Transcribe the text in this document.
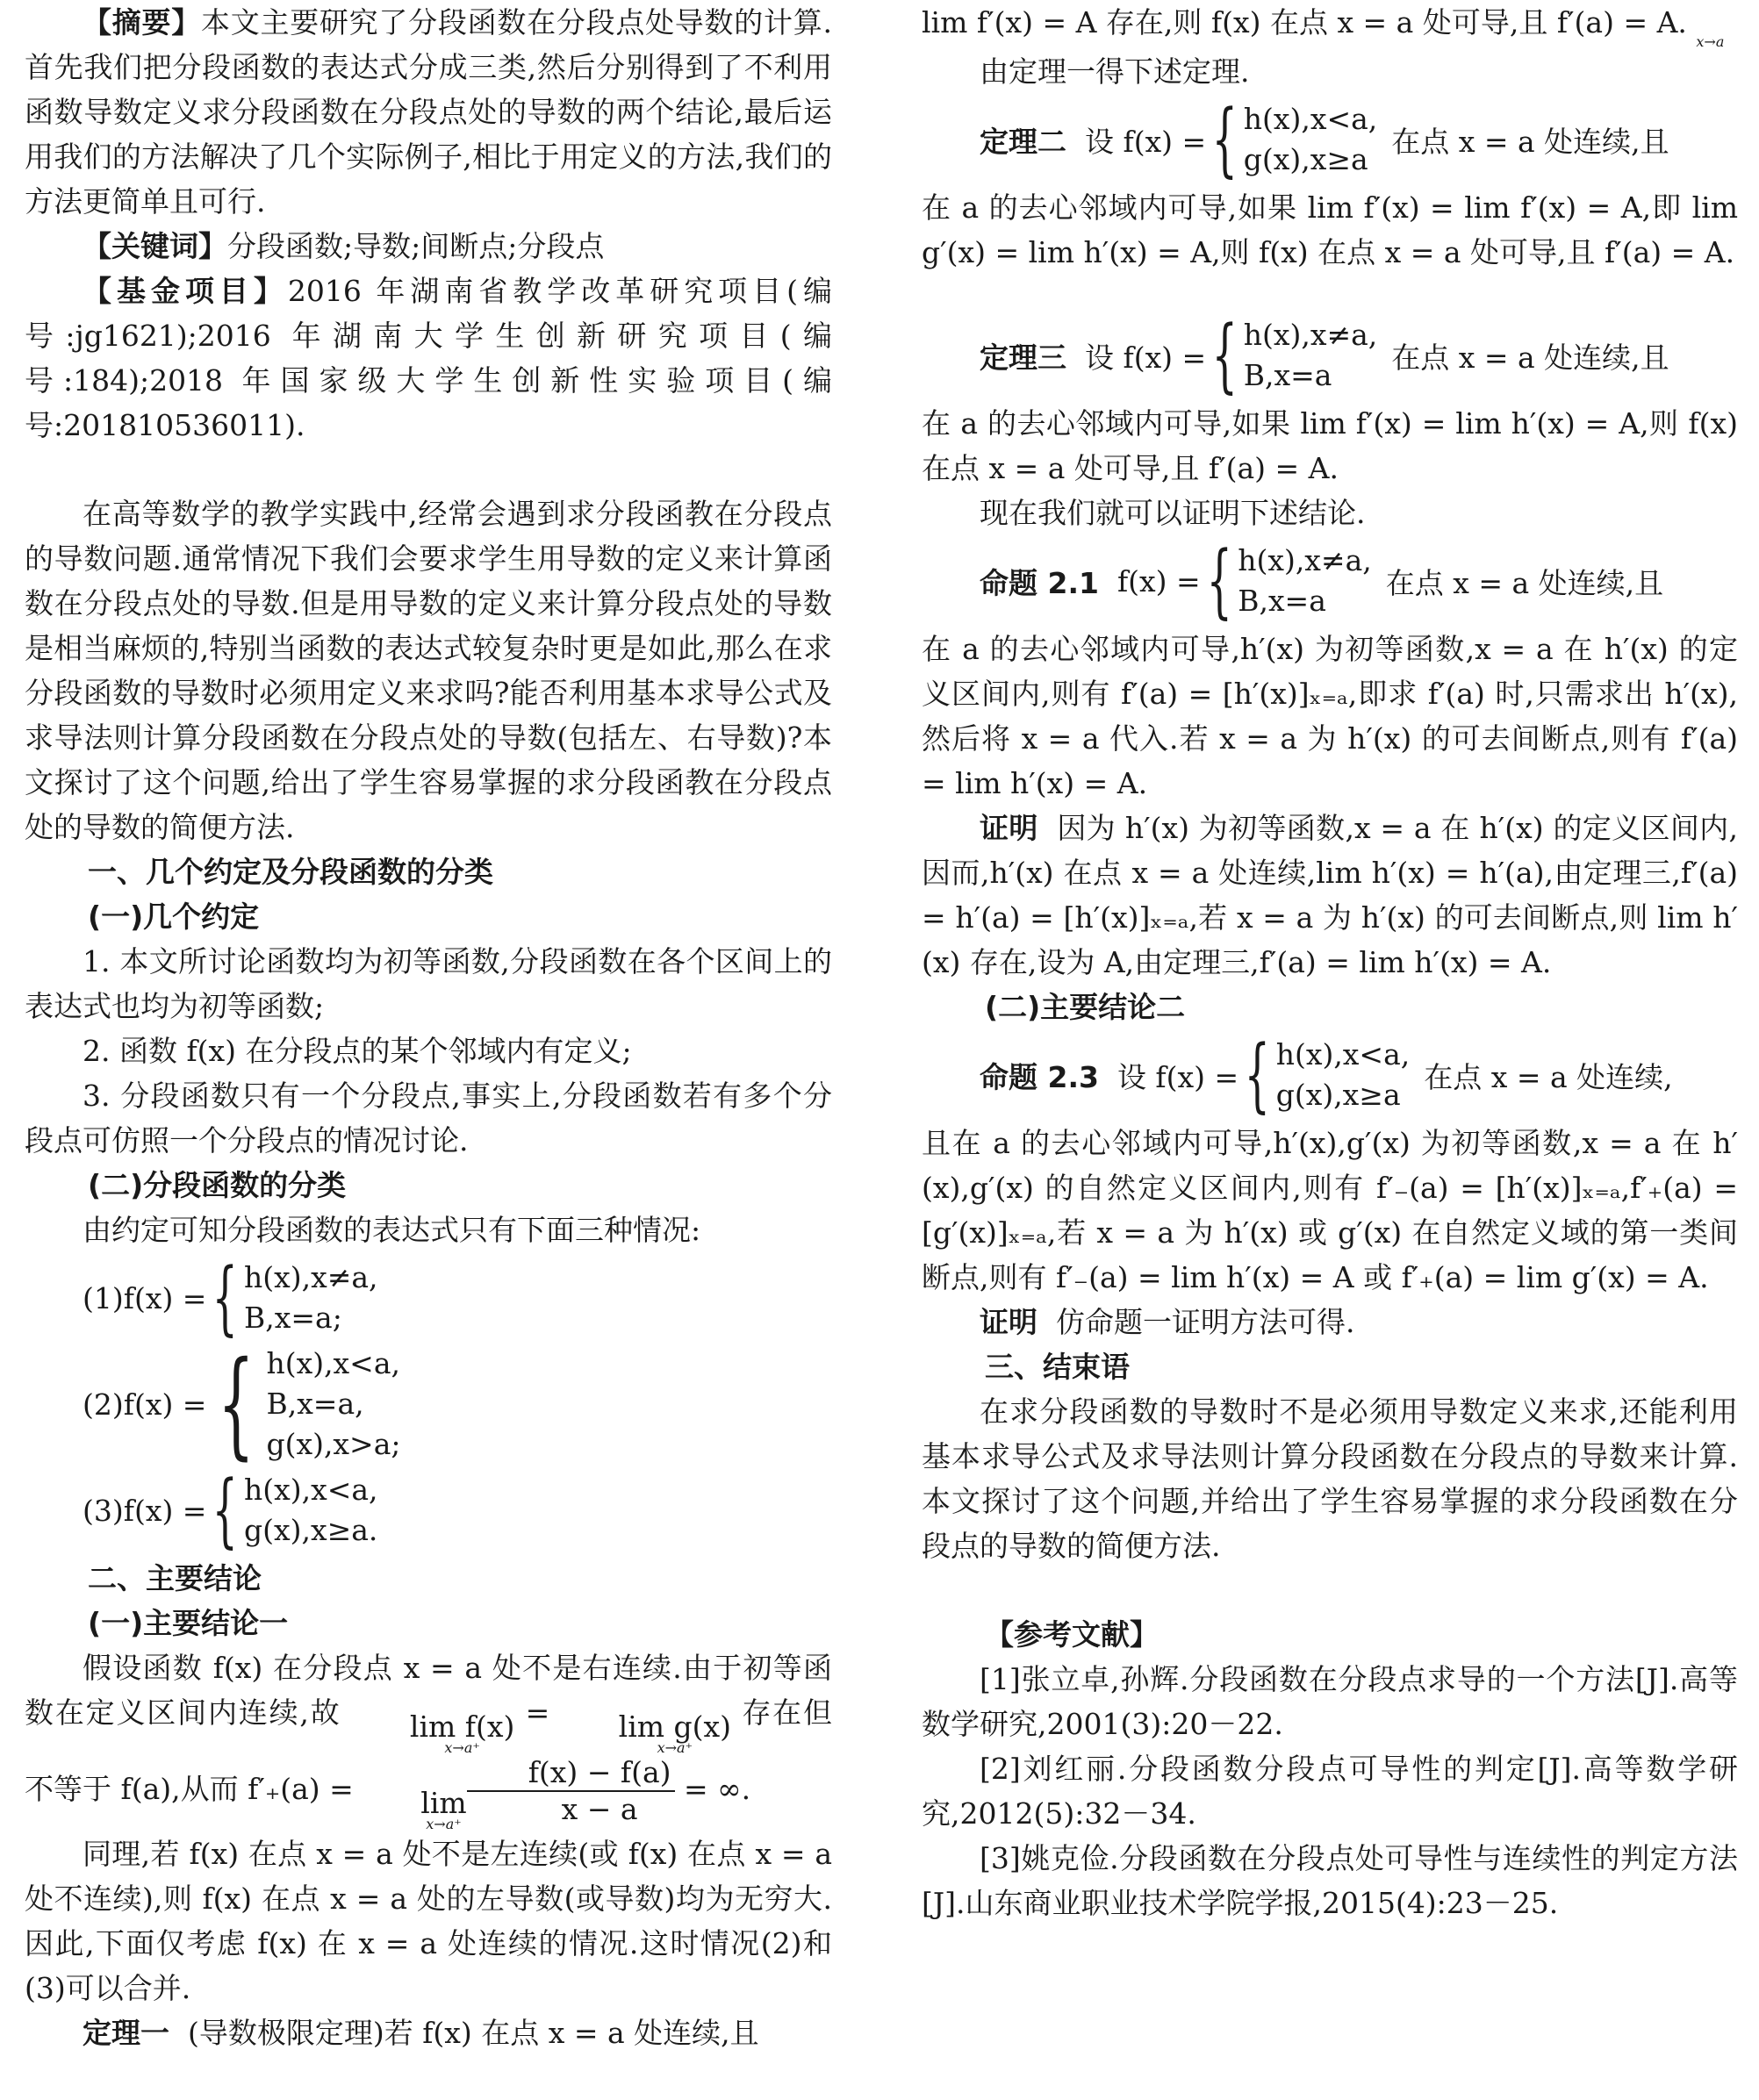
【摘要】本文主要研究了分段函数在分段点处导数的计算.首先我们把分段函数的表达式分成三类,然后分别得到了不利用函数导数定义求分段函数在分段点处的导数的两个结论,最后运用我们的方法解决了几个实际例子,相比于用定义的方法,我们的方法更简单且可行.

【关键词】分段函数;导数;间断点;分段点

【基金项目】2016 年湖南省教学改革研究项目(编号:jg1621);2016 年湖南大学生创新研究项目(编号:184);2018 年国家级大学生创新性实验项目(编号:201810536011).

在高等数学的教学实践中,经常会遇到求分段函教在分段点的导数问题.通常情况下我们会要求学生用导数的定义来计算函数在分段点处的导数.但是用导数的定义来计算分段点处的导数是相当麻烦的,特别当函数的表达式较复杂时更是如此,那么在求分段函数的导数时必须用定义来求吗?能否利用基本求导公式及求导法则计算分段函数在分段点处的导数(包括左、右导数)?本文探讨了这个问题,给出了学生容易掌握的求分段函教在分段点处的导数的简便方法.

一、几个约定及分段函数的分类

(一)几个约定

1. 本文所讨论函数均为初等函数,分段函数在各个区间上的表达式也均为初等函数;

2. 函数 f(x) 在分段点的某个邻域内有定义;

3. 分段函数只有一个分段点,事实上,分段函数若有多个分段点可仿照一个分段点的情况讨论.

(二)分段函数的分类

由约定可知分段函数的表达式只有下面三种情况:

(1)f(x) = { h(x),x≠a,
B,x=a;
(2)f(x) = { h(x),x<a,
B,x=a,
g(x),x>a;
(3)f(x) = { h(x),x<a,
g(x),x≥a.

二、主要结论

(一)主要结论一

假设函数 f(x) 在分段点 x = a 处不是右连续.由于初等函数在定义区间内连续,故	lim f(x)
x→a⁺
=	lim g(x)
x→a⁺
存在但不等于 f(a),从而 f′₊(a) =	lim
$x\to a^+ \frac{f(x) - f(a)}{x - a}$ = ∞.

同理,若 f(x) 在点 x = a 处不是左连续(或 f(x) 在点 x = a 处不连续),则 f(x) 在点 x = a 处的左导数(或导数)均为无穷大.因此,下面仅考虑 f(x) 在 x = a 处连续的情况.这时情况(2)和(3)可以合并.

定理一 (导数极限定理)若 f(x) 在点 x = a 处连续,且

lim f′(x) = A 存在,则 f(x) 在点 x = a 处可导,且 f′(a) = A.
x→a

由定理一得下述定理.

定理二
设 f(x) = { h(x),x<a,
g(x),x≥a
在点 x = a 处连续,且

在 a 的去心邻域内可导,如果 lim f′(x) = lim f′(x) = A,即 lim g′(x) = lim h′(x) = A,则 f(x) 在点 x = a 处可导,且 f′(a) = A.

定理三
设 f(x) = { h(x),x≠a,
B,x=a
在点 x = a 处连续,且

在 a 的去心邻域内可导,如果 lim f′(x) = lim h′(x) = A,则 f(x) 在点 x = a 处可导,且 f′(a) = A.

现在我们就可以证明下述结论.

命题 2.1
f(x) = { h(x),x≠a,
B,x=a
在点 x = a 处连续,且

在 a 的去心邻域内可导,h′(x) 为初等函数,x = a 在 h′(x) 的定义区间内,则有 f′(a) = [h′(x)]ₓ₌ₐ,即求 f′(a) 时,只需求出 h′(x),然后将 x = a 代入.若 x = a 为 h′(x) 的可去间断点,则有 f′(a) = lim h′(x) = A.

证明 因为 h′(x) 为初等函数,x = a 在 h′(x) 的定义区间内,因而,h′(x) 在点 x = a 处连续,lim h′(x) = h′(a),由定理三,f′(a) = h′(a) = [h′(x)]ₓ₌ₐ,若 x = a 为 h′(x) 的可去间断点,则 lim h′(x) 存在,设为 A,由定理三,f′(a) = lim h′(x) = A.

(二)主要结论二

命题 2.3
设 f(x) = { h(x),x<a,
g(x),x≥a
在点 x = a 处连续,

且在 a 的去心邻域内可导,h′(x),g′(x) 为初等函数,x = a 在 h′(x),g′(x) 的自然定义区间内,则有 f′₋(a) = [h′(x)]ₓ₌ₐ,f′₊(a) = [g′(x)]ₓ₌ₐ,若 x = a 为 h′(x) 或 g′(x) 在自然定义域的第一类间断点,则有 f′₋(a) = lim h′(x) = A 或 f′₊(a) = lim g′(x) = A.

证明 仿命题一证明方法可得.

三、结束语

在求分段函数的导数时不是必须用导数定义来求,还能利用基本求导公式及求导法则计算分段函数在分段点的导数来计算.本文探讨了这个问题,并给出了学生容易掌握的求分段函数在分段点的导数的简便方法.

【参考文献】

[1]张立卓,孙辉.分段函数在分段点求导的一个方法[J].高等数学研究,2001(3):20－22.

[2]刘红丽.分段函数分段点可导性的判定[J].高等数学研究,2012(5):32－34.

[3]姚克俭.分段函数在分段点处可导性与连续性的判定方法[J].山东商业职业技术学院学报,2015(4):23－25.
